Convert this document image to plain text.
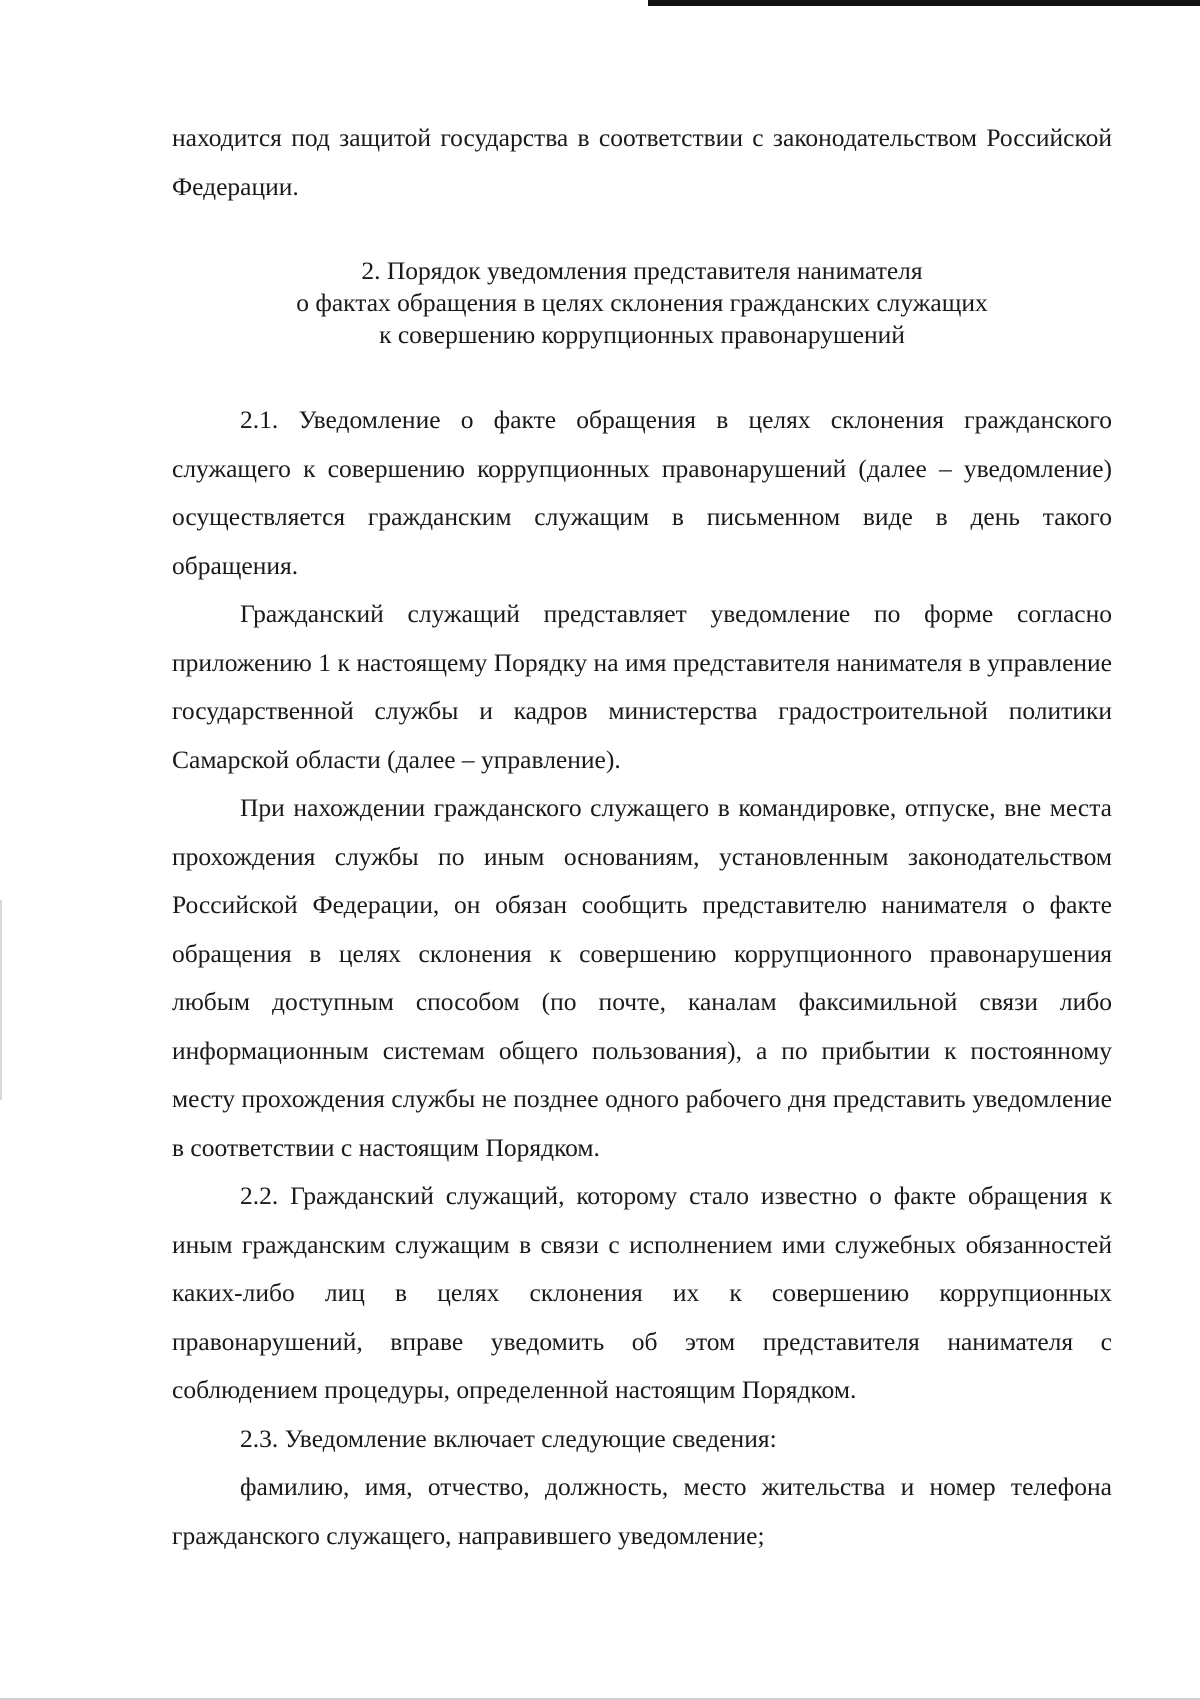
находится под защитой государства в соответствии с законодательством Российской Федерации.

2. Порядок уведомления представителя нанимателя
о фактах обращения в целях склонения гражданских служащих
к совершению коррупционных правонарушений

2.1. Уведомление о факте обращения в целях склонения гражданского служащего к совершению коррупционных правонарушений (далее – уведомление) осуществляется гражданским служащим в письменном виде в день такого обращения.

Гражданский служащий представляет уведомление по форме согласно приложению 1 к настоящему Порядку на имя представителя нанимателя в управление государственной службы и кадров министерства градостроительной политики Самарской области (далее – управление).

При нахождении гражданского служащего в командировке, отпуске, вне места прохождения службы по иным основаниям, установленным законодательством Российской Федерации, он обязан сообщить представителю нанимателя о факте обращения в целях склонения к совершению коррупционного правонарушения любым доступным способом (по почте, каналам факсимильной связи либо информационным системам общего пользования), а по прибытии к постоянному месту прохождения службы не позднее одного рабочего дня представить уведомление в соответствии с настоящим Порядком.

2.2. Гражданский служащий, которому стало известно о факте обращения к иным гражданским служащим в связи с исполнением ими служебных обязанностей каких-либо лиц в целях склонения их к совершению коррупционных правонарушений, вправе уведомить об этом представителя нанимателя с соблюдением процедуры, определенной настоящим Порядком.

2.3. Уведомление включает следующие сведения:

фамилию, имя, отчество, должность, место жительства и номер телефона гражданского служащего, направившего уведомление;
